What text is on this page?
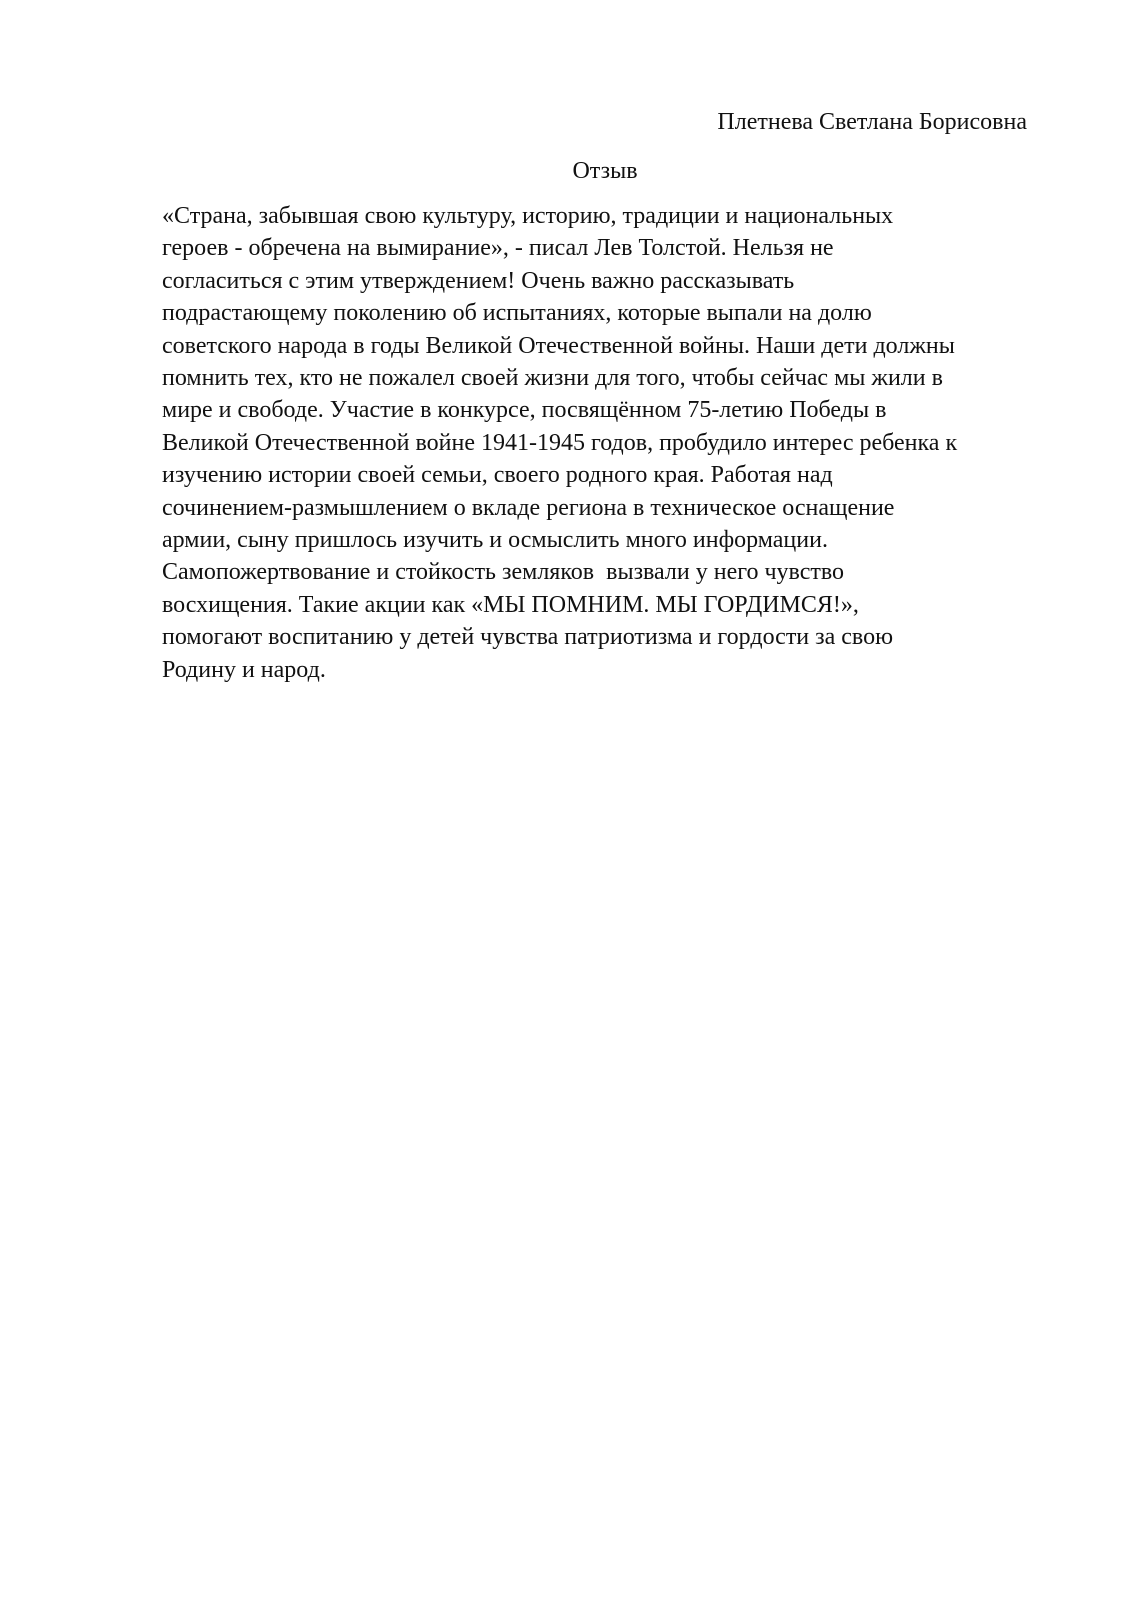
Плетнева Светлана Борисовна
Отзыв
«Страна, забывшая свою культуру, историю, традиции и национальных
героев - обречена на вымирание», - писал Лев Толстой. Нельзя не
согласиться с этим утверждением! Очень важно рассказывать
подрастающему поколению об испытаниях, которые выпали на долю
советского народа в годы Великой Отечественной войны. Наши дети должны
помнить тех, кто не пожалел своей жизни для того, чтобы сейчас мы жили в
мире и свободе. Участие в конкурсе, посвящённом 75-летию Победы в
Великой Отечественной войне 1941-1945 годов, пробудило интерес ребенка к
изучению истории своей семьи, своего родного края. Работая над
сочинением-размышлением о вкладе региона в техническое оснащение
армии, сыну пришлось изучить и осмыслить много информации.
Самопожертвование и стойкость земляков  вызвали у него чувство
восхищения. Такие акции как «МЫ ПОМНИМ. МЫ ГОРДИМСЯ!»,
помогают воспитанию у детей чувства патриотизма и гордости за свою
Родину и народ.
